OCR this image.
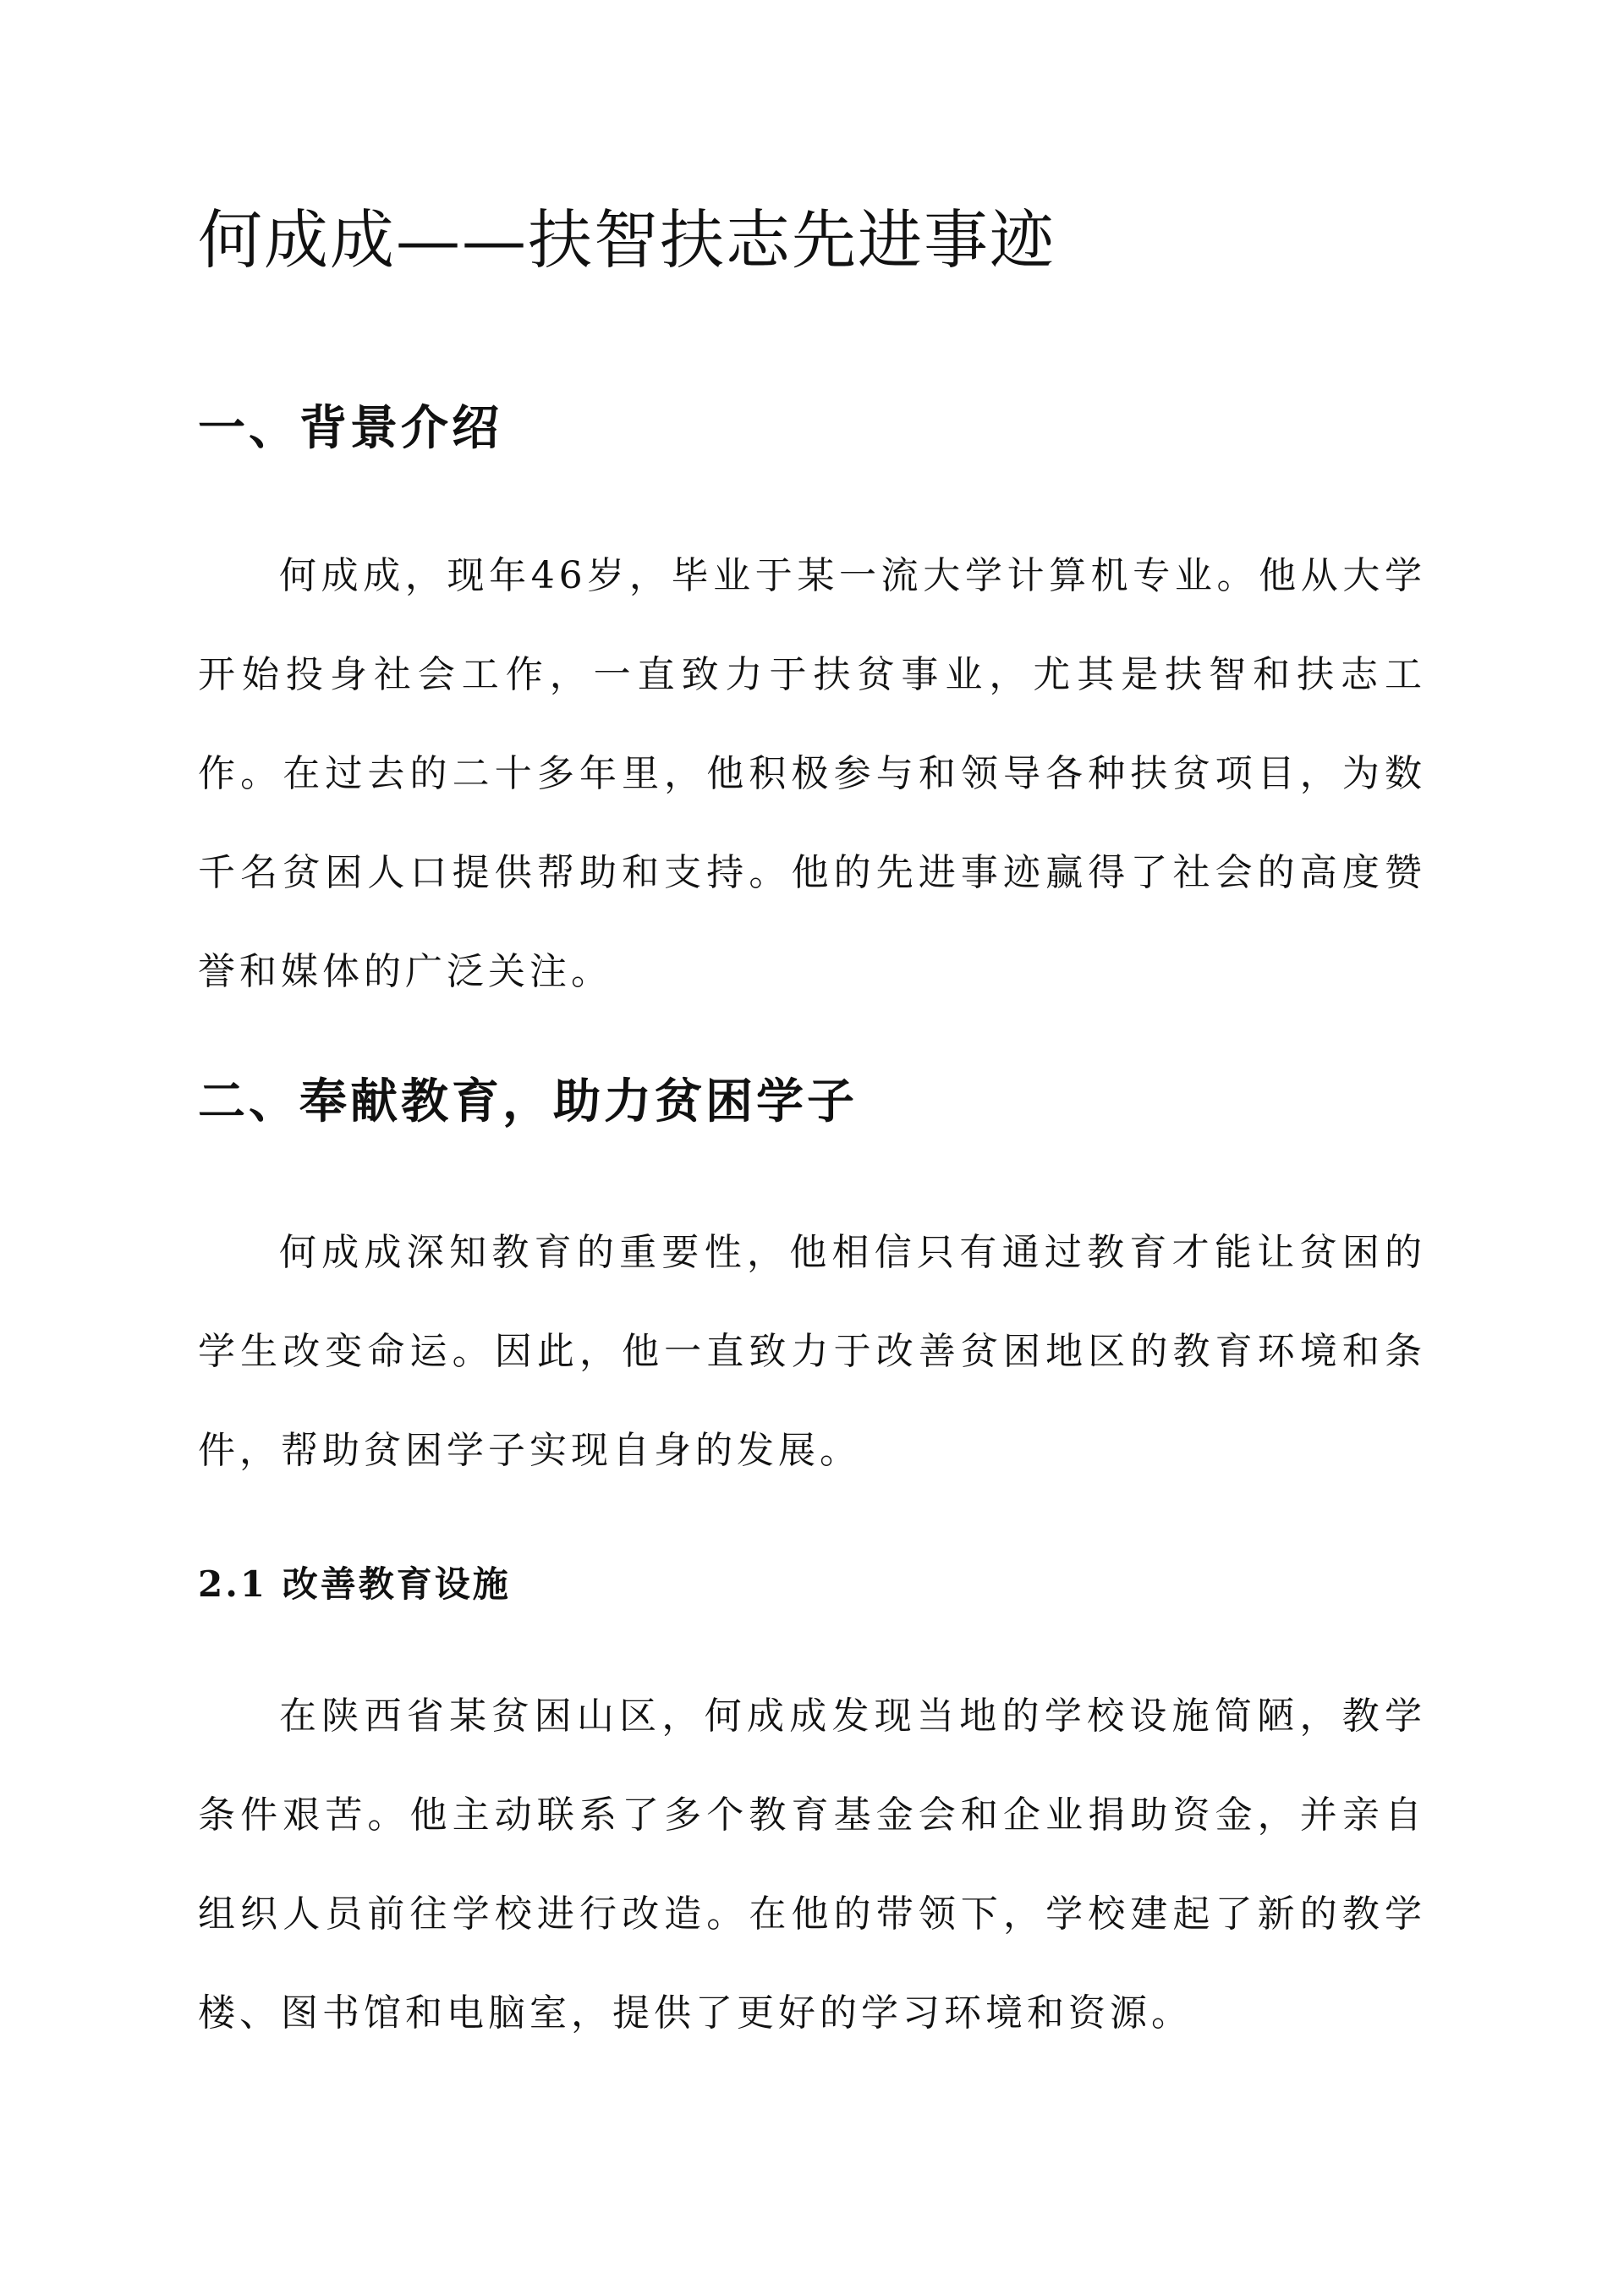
何成成——扶智扶志先进事迹
一、背景介绍

何成成，现年46岁，毕业于某一流大学计算机专业。他从大学开始投身社会工作，一直致力于扶贫事业，尤其是扶智和扶志工作。在过去的二十多年里，他积极参与和领导各种扶贫项目，为数千名贫困人口提供帮助和支持。他的先进事迹赢得了社会的高度赞誉和媒体的广泛关注。

二、奉献教育，助力贫困学子

何成成深知教育的重要性，他相信只有通过教育才能让贫困的学生改变命运。因此，他一直致力于改善贫困地区的教育环境和条件，帮助贫困学子实现自身的发展。

2.1 改善教育设施

在陕西省某贫困山区，何成成发现当地的学校设施简陋，教学条件艰苦。他主动联系了多个教育基金会和企业捐助资金，并亲自组织人员前往学校进行改造。在他的带领下，学校建起了新的教学楼、图书馆和电脑室，提供了更好的学习环境和资源。
